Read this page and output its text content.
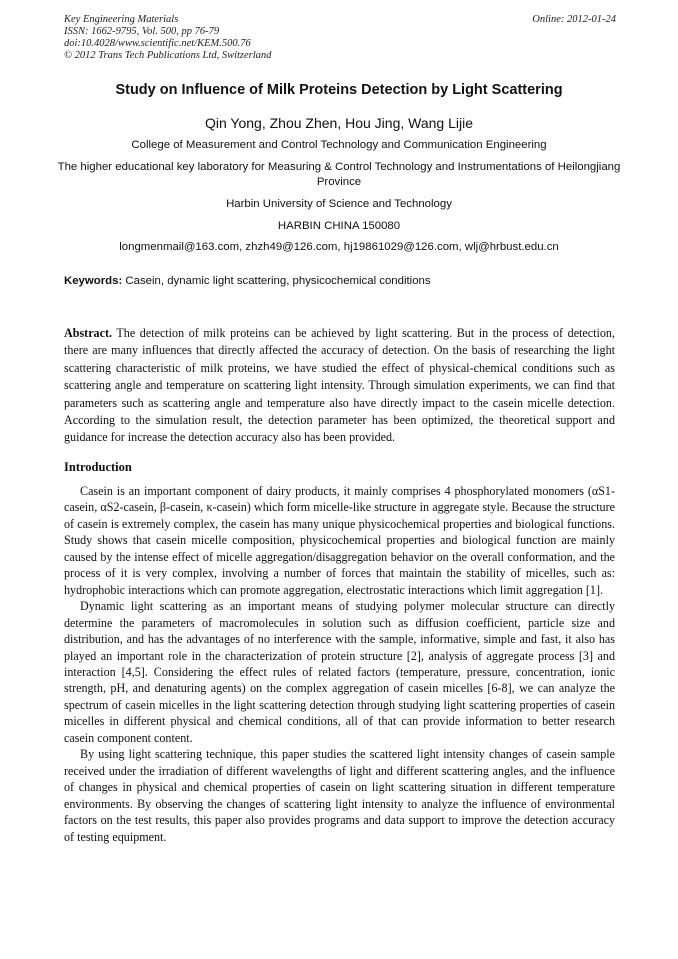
Key Engineering Materials
ISSN: 1662-9795, Vol. 500, pp 76-79
doi:10.4028/www.scientific.net/KEM.500.76
© 2012 Trans Tech Publications Ltd, Switzerland
Online: 2012-01-24
Study on Influence of Milk Proteins Detection by Light Scattering
Qin Yong, Zhou Zhen, Hou Jing, Wang Lijie
College of Measurement and Control Technology and Communication Engineering
The higher educational key laboratory for Measuring & Control Technology and Instrumentations of Heilongjiang Province
Harbin University of Science and Technology
HARBIN CHINA 150080
longmenmail@163.com, zhzh49@126.com, hj19861029@126.com, wlj@hrbust.edu.cn
Keywords: Casein, dynamic light scattering, physicochemical conditions
Abstract. The detection of milk proteins can be achieved by light scattering. But in the process of detection, there are many influences that directly affected the accuracy of detection. On the basis of researching the light scattering characteristic of milk proteins, we have studied the effect of physical-chemical conditions such as scattering angle and temperature on scattering light intensity. Through simulation experiments, we can find that parameters such as scattering angle and temperature also have directly impact to the casein micelle detection. According to the simulation result, the detection parameter has been optimized, the theoretical support and guidance for increase the detection accuracy also has been provided.
Introduction

Casein is an important component of dairy products, it mainly comprises 4 phosphorylated monomers (αS1-casein, αS2-casein, β-casein, κ-casein) which form micelle-like structure in aggregate style. Because the structure of casein is extremely complex, the casein has many unique physicochemical properties and biological functions. Study shows that casein micelle composition, physicochemical properties and biological function are mainly caused by the intense effect of micelle aggregation/disaggregation behavior on the overall conformation, and the process of it is very complex, involving a number of forces that maintain the stability of micelles, such as: hydrophobic interactions which can promote aggregation, electrostatic interactions which limit aggregation [1].

Dynamic light scattering as an important means of studying polymer molecular structure can directly determine the parameters of macromolecules in solution such as diffusion coefficient, particle size and distribution, and has the advantages of no interference with the sample, informative, simple and fast, it also has played an important role in the characterization of protein structure [2], analysis of aggregate process [3] and interaction [4,5]. Considering the effect rules of related factors (temperature, pressure, concentration, ionic strength, pH, and denaturing agents) on the complex aggregation of casein micelles [6-8], we can analyze the spectrum of casein micelles in the light scattering detection through studying light scattering properties of casein micelles in different physical and chemical conditions, all of that can provide information to better research casein component content.

By using light scattering technique, this paper studies the scattered light intensity changes of casein sample received under the irradiation of different wavelengths of light and different scattering angles, and the influence of changes in physical and chemical properties of casein on light scattering situation in different temperature environments. By observing the changes of scattering light intensity to analyze the influence of environmental factors on the test results, this paper also provides programs and data support to improve the detection accuracy of testing equipment.
